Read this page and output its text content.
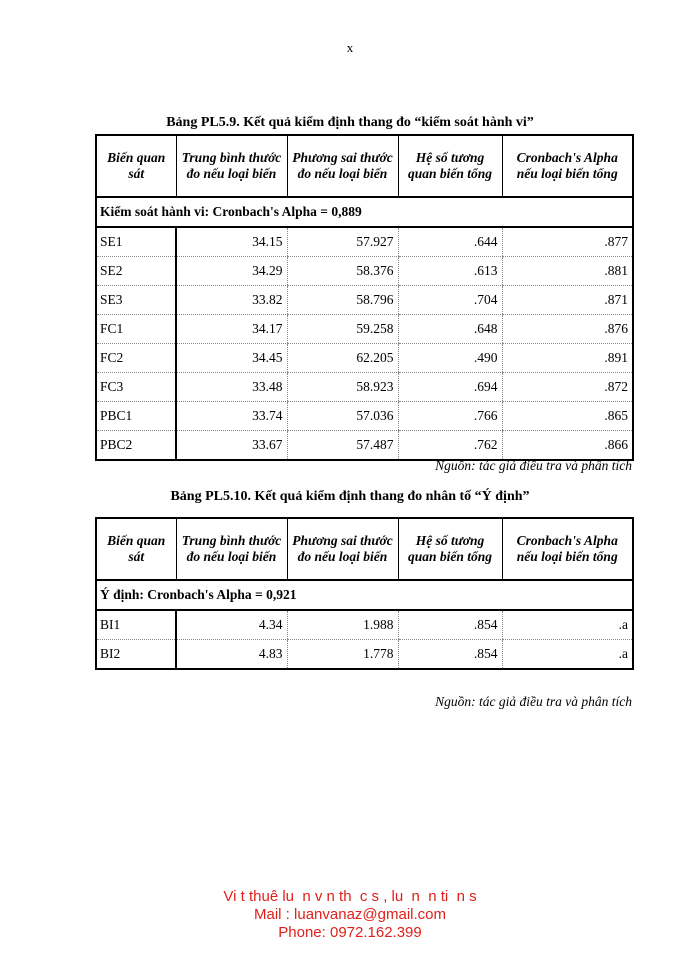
x
Bảng PL5.9. Kết quả kiểm định thang đo “kiểm soát hành vi”
Biến quan sát	Trung bình thước đo nếu loại biến	Phương sai thước đo nếu loại biến	Hệ số tương quan biến tổng	Cronbach's Alpha nếu loại biến tổng
Kiểm soát hành vi: Cronbach's Alpha = 0,889				
SE1	34.15	57.927	.644	.877
SE2	34.29	58.376	.613	.881
SE3	33.82	58.796	.704	.871
FC1	34.17	59.258	.648	.876
FC2	34.45	62.205	.490	.891
FC3	33.48	58.923	.694	.872
PBC1	33.74	57.036	.766	.865
PBC2	33.67	57.487	.762	.866
Nguồn: tác giả điều tra và phân tích
Bảng PL5.10. Kết quả kiểm định thang đo nhân tố “Ý định”
Biến quan sát	Trung bình thước đo nếu loại biến	Phương sai thước đo nếu loại biến	Hệ số tương quan biến tổng	Cronbach's Alpha nếu loại biến tổng
Ý định: Cronbach's Alpha = 0,921				
BI1	4.34	1.988	.854	.a
BI2	4.83	1.778	.854	.a
Nguồn: tác giả điều tra và phân tích
Vi t thuê lu  n v n th  c s , lu  n  n ti  n s
Mail : luanvanaz@gmail.com
Phone: 0972.162.399
